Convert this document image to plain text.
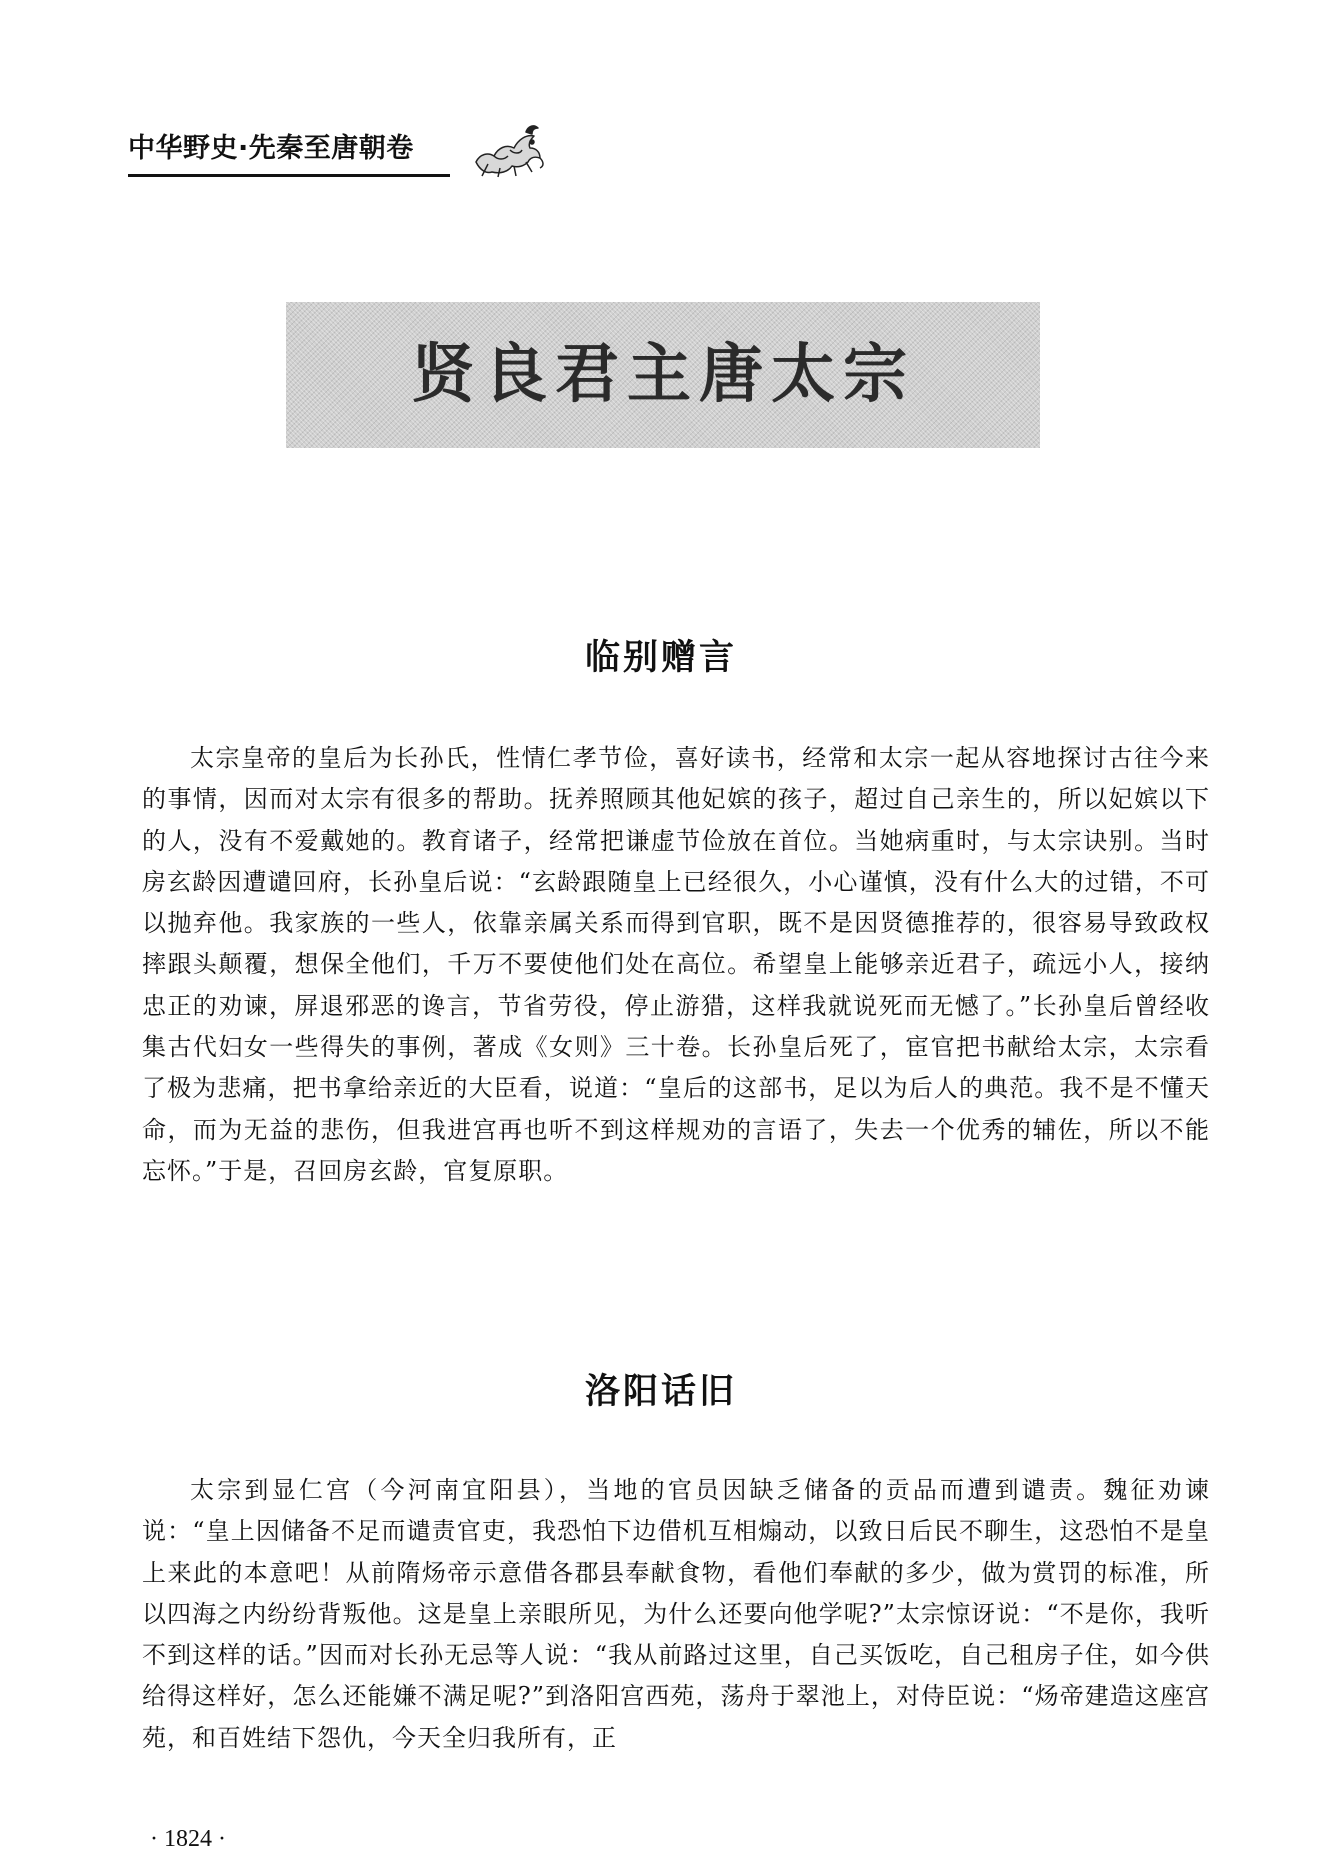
中华野史·先秦至唐朝卷
贤良君主唐太宗
临别赠言

太宗皇帝的皇后为长孙氏，性情仁孝节俭，喜好读书，经常和太宗一起从容地探讨古往今来的事情，因而对太宗有很多的帮助。抚养照顾其他妃嫔的孩子，超过自己亲生的，所以妃嫔以下的人，没有不爱戴她的。教育诸子，经常把谦虚节俭放在首位。当她病重时，与太宗诀别。当时房玄龄因遭谴回府，长孙皇后说：“玄龄跟随皇上已经很久，小心谨慎，没有什么大的过错，不可以抛弃他。我家族的一些人，依靠亲属关系而得到官职，既不是因贤德推荐的，很容易导致政权摔跟头颠覆，想保全他们，千万不要使他们处在高位。希望皇上能够亲近君子，疏远小人，接纳忠正的劝谏，屏退邪恶的谗言，节省劳役，停止游猎，这样我就说死而无憾了。”长孙皇后曾经收集古代妇女一些得失的事例，著成《女则》三十卷。长孙皇后死了，宦官把书献给太宗，太宗看了极为悲痛，把书拿给亲近的大臣看，说道：“皇后的这部书，足以为后人的典范。我不是不懂天命，而为无益的悲伤，但我进宫再也听不到这样规劝的言语了，失去一个优秀的辅佐，所以不能忘怀。”于是，召回房玄龄，官复原职。

洛阳话旧

太宗到显仁宫（今河南宜阳县），当地的官员因缺乏储备的贡品而遭到谴责。魏征劝谏说：“皇上因储备不足而谴责官吏，我恐怕下边借机互相煽动，以致日后民不聊生，这恐怕不是皇上来此的本意吧！从前隋炀帝示意借各郡县奉献食物，看他们奉献的多少，做为赏罚的标准，所以四海之内纷纷背叛他。这是皇上亲眼所见，为什么还要向他学呢?”太宗惊讶说：“不是你，我听不到这样的话。”因而对长孙无忌等人说：“我从前路过这里，自己买饭吃，自己租房子住，如今供给得这样好，怎么还能嫌不满足呢?”到洛阳宫西苑，荡舟于翠池上，对侍臣说：“炀帝建造这座宫苑，和百姓结下怨仇，今天全归我所有，正

· 1824 ·
